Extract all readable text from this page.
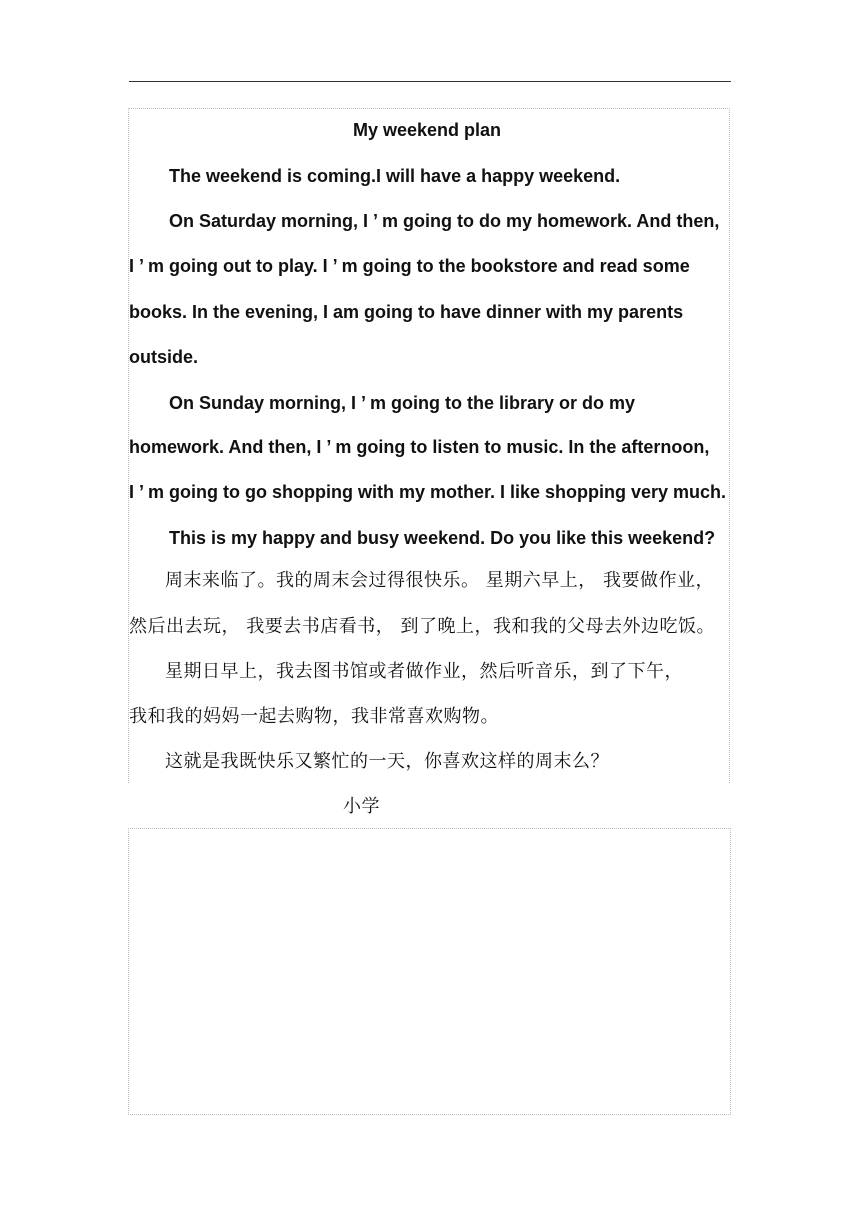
My weekend plan

The weekend is coming.I will have a happy weekend.

On Saturday morning, I ’ m going to do my homework. And then,

I ’ m going out to play. I ’ m going to the bookstore and read some

books. In the evening, I am going to have dinner with my parents

outside.

On Sunday morning, I ’ m going to the library or do my

homework. And then, I ’ m going to listen to music. In the afternoon,

I ’ m going to go shopping with my mother. I like shopping very much.

This is my happy and busy weekend. Do you like this weekend?

周末来临了。我的周末会过得很快乐。 星期六早上， 我要做作业，

然后出去玩， 我要去书店看书， 到了晚上，我和我的父母去外边吃饭。

星期日早上，我去图书馆或者做作业，然后听音乐，到了下午，

我和我的妈妈一起去购物，我非常喜欢购物。

这就是我既快乐又繁忙的一天，你喜欢这样的周末么？

小学
